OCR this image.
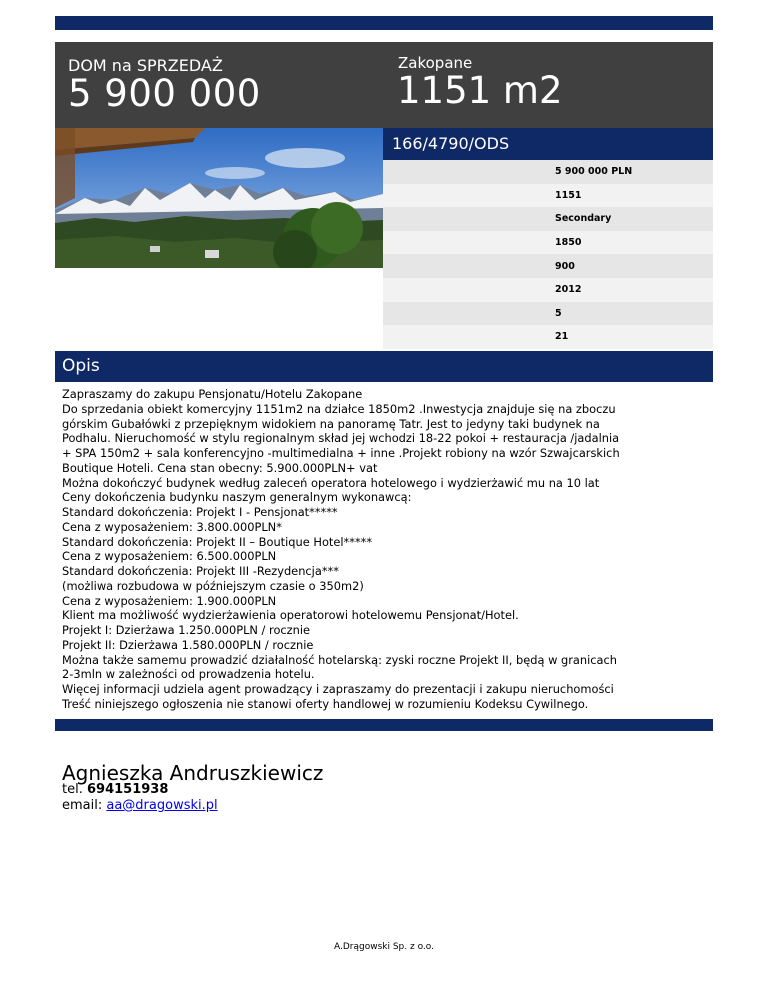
DOM na SPRZEDAŻ
5 900 000
Zakopane
1151 m2
166/4790/ODS
5 900 000 PLN
1151
Secondary
1850
900
2012
5
21
Opis
Zapraszamy do zakupu Pensjonatu/Hotelu Zakopane
Do sprzedania obiekt komercyjny 1151m2 na działce 1850m2 .Inwestycja znajduje się na zboczu
górskim Gubałówki z przepięknym widokiem na panoramę Tatr. Jest to jedyny taki budynek na
Podhalu. Nieruchomość w stylu regionalnym skład jej wchodzi 18-22 pokoi + restauracja /jadalnia
+ SPA 150m2 + sala konferencyjno -multimedialna + inne .Projekt robiony na wzór Szwajcarskich
Boutique Hoteli. Cena stan obecny: 5.900.000PLN+ vat
Można dokończyć budynek według zaleceń operatora hotelowego i wydzierżawić mu na 10 lat
Ceny dokończenia budynku naszym generalnym wykonawcą:
Standard dokończenia: Projekt I - Pensjonat*****
Cena z wyposażeniem: 3.800.000PLN*
Standard dokończenia: Projekt II – Boutique Hotel*****
Cena z wyposażeniem: 6.500.000PLN
Standard dokończenia: Projekt III -Rezydencja***
(możliwa rozbudowa w późniejszym czasie o 350m2)
Cena z wyposażeniem: 1.900.000PLN
Klient ma możliwość wydzierżawienia operatorowi hotelowemu Pensjonat/Hotel.
Projekt I: Dzierżawa 1.250.000PLN / rocznie
Projekt II: Dzierżawa 1.580.000PLN / rocznie
Można także samemu prowadzić działalność hotelarską: zyski roczne Projekt II, będą w granicach
2-3mln w zależności od prowadzenia hotelu.
Więcej informacji udziela agent prowadzący i zapraszamy do prezentacji i zakupu nieruchomości
Treść niniejszego ogłoszenia nie stanowi oferty handlowej w rozumieniu Kodeksu Cywilnego.
Agnieszka Andruszkiewicz
tel. 694151938
email: aa@dragowski.pl
A.Drągowski Sp. z o.o.
